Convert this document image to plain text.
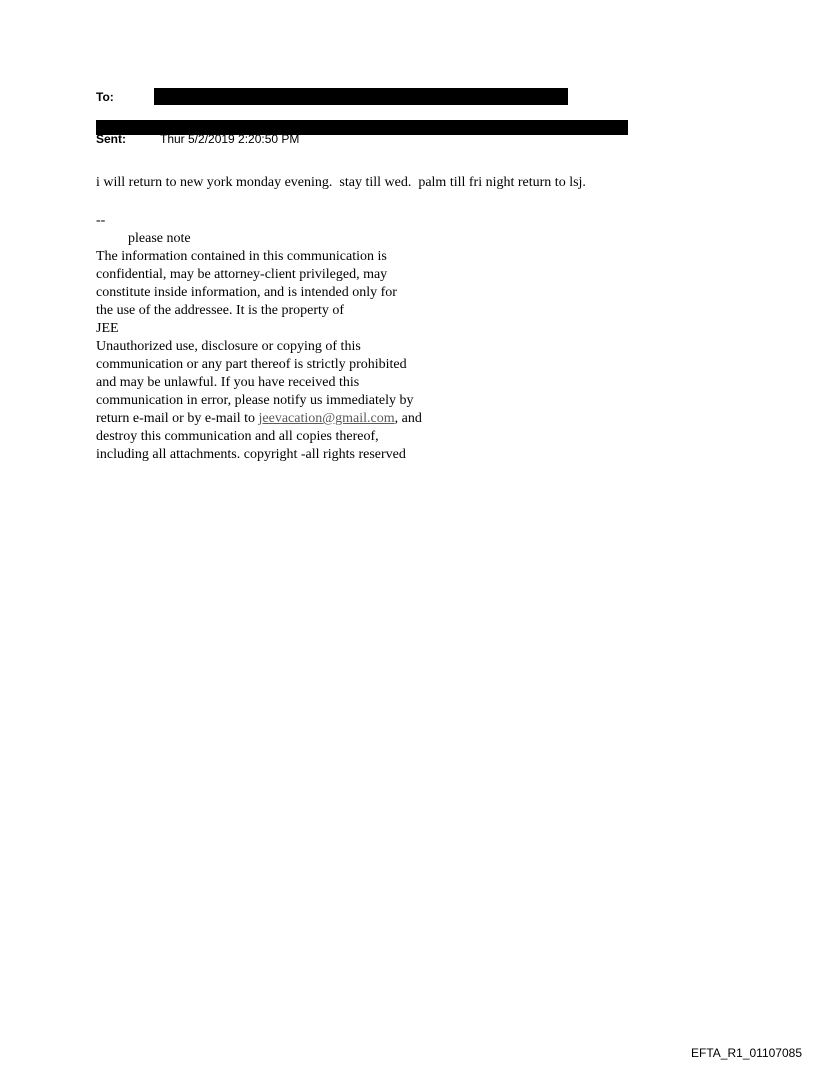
To:
From:	J
Sent:	Thur 5/2/2019 2:20:50 PM
i will return to new york monday evening.  stay till wed.  palm till fri night return to lsj.
--
please note
The information contained in this communication is
confidential, may be attorney-client privileged, may
constitute inside information, and is intended only for
the use of the addressee. It is the property of
JEE
Unauthorized use, disclosure or copying of this
communication or any part thereof is strictly prohibited
and may be unlawful. If you have received this
communication in error, please notify us immediately by
return e-mail or by e-mail to jeevacation@gmail.com, and
destroy this communication and all copies thereof,
including all attachments. copyright -all rights reserved
EFTA_R1_01107085
